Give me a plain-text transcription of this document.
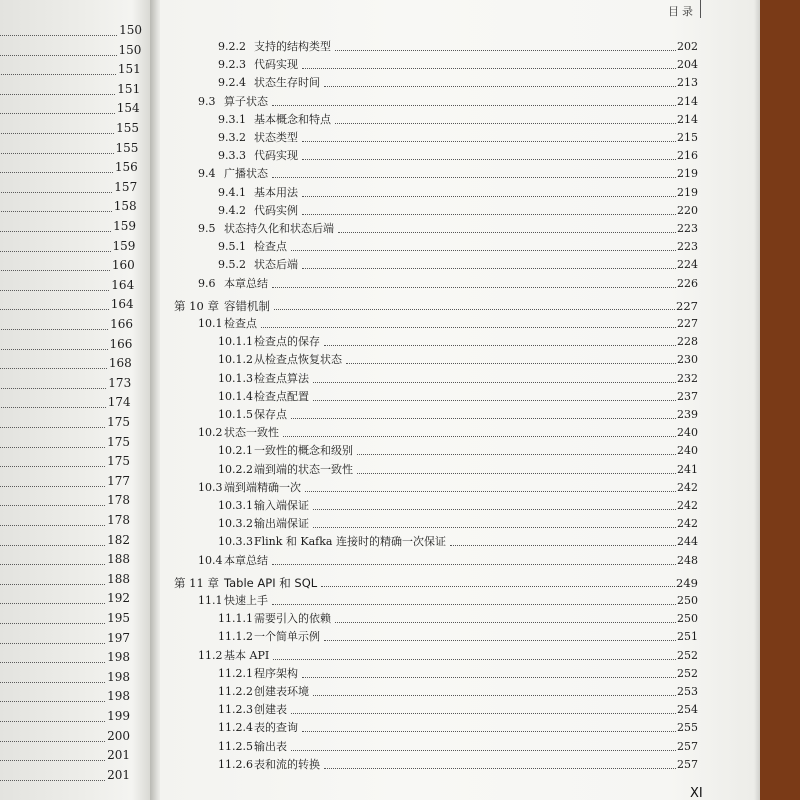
150
150
151
151
154
155
155
156
157
158
159
159
160
164
164
166
166
168
173
174
175
175
175
177
178
178
182
188
188
192
195
197
198
198
198
199
200
201
201
目录
9.2.2 支持的结构类型	202
9.2.3 代码实现	204
9.2.4 状态生存时间	213
9.3 算子状态	214
9.3.1 基本概念和特点	214
9.3.2 状态类型	215
9.3.3 代码实现	216
9.4 广播状态	219
9.4.1 基本用法	219
9.4.2 代码实例	220
9.5 状态持久化和状态后端	223
9.5.1 检查点	223
9.5.2 状态后端	224
9.6 本章总结	226
第 10 章 容错机制	227
10.1 检查点	227
10.1.1 检查点的保存	228
10.1.2 从检查点恢复状态	230
10.1.3 检查点算法	232
10.1.4 检查点配置	237
10.1.5 保存点	239
10.2 状态一致性	240
10.2.1 一致性的概念和级别	240
10.2.2 端到端的状态一致性	241
10.3 端到端精确一次	242
10.3.1 输入端保证	242
10.3.2 输出端保证	242
10.3.3 Flink 和 Kafka 连接时的精确一次保证	244
10.4 本章总结	248
第 11 章 Table API 和 SQL	249
11.1 快速上手	250
11.1.1 需要引入的依赖	250
11.1.2 一个简单示例	251
11.2 基本 API	252
11.2.1 程序架构	252
11.2.2 创建表环境	253
11.2.3 创建表	254
11.2.4 表的查询	255
11.2.5 输出表	257
11.2.6 表和流的转换	257
XI
